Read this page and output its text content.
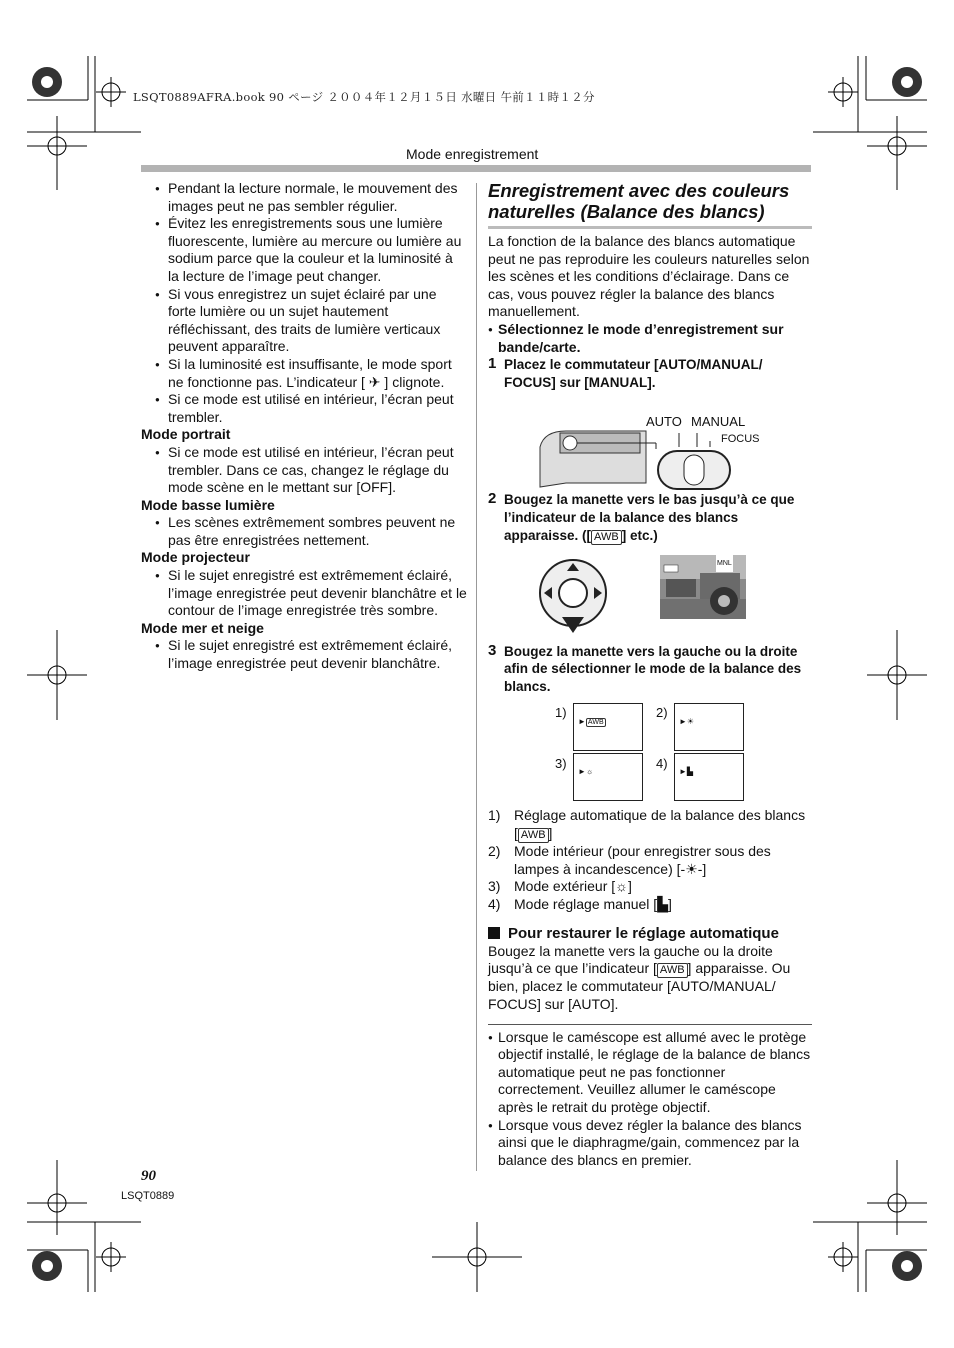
LSQT0889AFRA.book 90 ページ ２００４年１２月１５日 水曜日 午前１１時１２分
Mode enregistrement

● Pendant la lecture normale, le mouvement des images peut ne pas sembler régulier.

● Évitez les enregistrements sous une lumière fluorescente, lumière au mercure ou lumière au sodium parce que la couleur et la luminosité à la lecture de l’image peut changer.

● Si vous enregistrez un sujet éclairé par une forte lumière ou un sujet hautement réfléchissant, des traits de lumière verticaux peuvent apparaître.

● Si la luminosité est insuffisante, le mode sport ne fonctionne pas. L’indicateur [ ✈ ] clignote.

● Si ce mode est utilisé en intérieur, l’écran peut trembler.

Mode portrait

● Si ce mode est utilisé en intérieur, l’écran peut trembler. Dans ce cas, changez le réglage du mode scène en le mettant sur [OFF].

Mode basse lumière

● Les scènes extrêmement sombres peuvent ne pas être enregistrées nettement.

Mode projecteur

● Si le sujet enregistré est extrêmement éclairé, l’image enregistrée peut devenir blanchâtre et le contour de l’image enregistrée très sombre.

Mode mer et neige

● Si le sujet enregistré est extrêmement éclairé, l’image enregistrée peut devenir blanchâtre.

Enregistrement avec des couleurs naturelles (Balance des blancs)

La fonction de la balance des blancs automatique peut ne pas reproduire les couleurs naturelles selon les scènes et les conditions d’éclairage. Dans ce cas, vous pouvez régler la balance des blancs manuellement.

● Sélectionnez le mode d’enregistrement sur bande/carte.

1 Placez le commutateur [AUTO/MANUAL/ FOCUS] sur [MANUAL].
AUTO MANUAL
FOCUS
2 Bougez la manette vers le bas jusqu’à ce que l’indicateur de la balance des blancs apparaisse. ([ AWB ] etc.)
MNL
3 Bougez la manette vers la gauche ou la droite afin de sélectionner le mode de la balance des blancs.
1)
► AWB
2)
►☀
3)
►☼
4)
►▙
1) Réglage automatique de la balance des blancs [ AWB ]
2) Mode intérieur (pour enregistrer sous des lampes à incandescence) [-☀-]
3) Mode extérieur [☼]
4) Mode réglage manuel [▙]
Pour restaurer le réglage automatique

Bougez la manette vers la gauche ou la droite jusqu’à ce que l’indicateur [ AWB ] apparaisse. Ou bien, placez le commutateur [AUTO/MANUAL/ FOCUS] sur [AUTO].

● Lorsque le caméscope est allumé avec le protège objectif installé, le réglage de la balance de blancs automatique peut ne pas fonctionner correctement. Veuillez allumer le caméscope après le retrait du protège objectif.

● Lorsque vous devez régler la balance des blancs ainsi que le diaphragme/gain, commencez par la balance des blancs en premier.

90
LSQT0889
